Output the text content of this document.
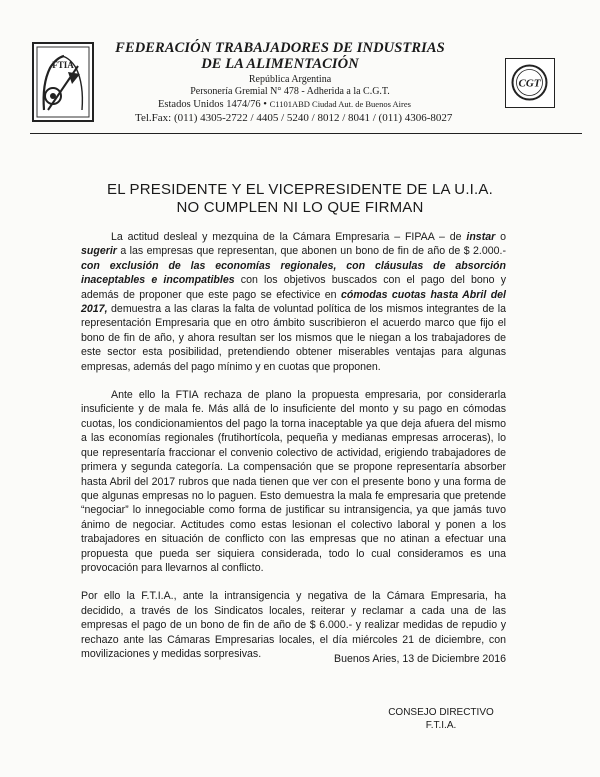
FTIA
FEDERACIÓN TRABAJADORES DE INDUSTRIAS
DE LA ALIMENTACIÓN
República Argentina
Personería Gremial N° 478 - Adherida a la C.G.T.
Estados Unidos 1474/76 • C1101ABD Ciudad Aut. de Buenos Aires
Tel.Fax: (011) 4305-2722 / 4405 / 5240 / 8012 / 8041 / (011) 4306-8027
CGT
EL PRESIDENTE Y EL VICEPRESIDENTE DE LA U.I.A.
NO CUMPLEN NI LO QUE FIRMAN

La actitud desleal y mezquina de la Cámara Empresaria – FIPAA – de instar o sugerir a las empresas que representan, que abonen un bono de fin de año de $ 2.000.- con exclusión de las economías regionales, con cláusulas de absorción inaceptables e incompatibles con los objetivos buscados con el pago del bono y además de proponer que este pago se efectivice en cómodas cuotas hasta Abril del 2017, demuestra a las claras la falta de voluntad política de los mismos integrantes de la representación Empresaria que en otro ámbito suscribieron el acuerdo marco que fijo el bono de fin de año, y ahora resultan ser los mismos que le niegan a los trabajadores de este sector esta posibilidad, pretendiendo obtener miserables ventajas para algunas empresas, además del pago mínimo y en cuotas que proponen.

Ante ello la FTIA rechaza de plano la propuesta empresaria, por considerarla insuficiente y de mala fe. Más allá de lo insuficiente del monto y su pago en cómodas cuotas, los condicionamientos del pago la torna inaceptable ya que deja afuera del mismo a las economías regionales (frutihortícola, pequeña y medianas empresas arroceras), lo que representaría fraccionar el convenio colectivo de actividad, erigiendo trabajadores de primera y segunda categoría. La compensación que se propone representaría absorber hasta Abril del 2017 rubros que nada tienen que ver con el presente bono y una forma de que algunas empresas no lo paguen. Esto demuestra la mala fe empresaria que pretende “negociar” lo innegociable como forma de justificar su intransigencia, ya que jamás tuvo ánimo de negociar. Actitudes como estas lesionan el colectivo laboral y ponen a los trabajadores en situación de conflicto con las empresas que no atinan a efectuar una propuesta que pueda ser siquiera considerada, todo lo cual consideramos es una provocación para llevarnos al conflicto.

Por ello la F.T.I.A., ante la intransigencia y negativa de la Cámara Empresaria, ha decidido, a través de los Sindicatos locales, reiterar y reclamar a cada una de las empresas el pago de un bono de fin de año de $ 6.000.- y realizar medidas de repudio y rechazo ante las Cámaras Empresarias locales, el día miércoles 21 de diciembre, con movilizaciones y medidas sorpresivas.	Buenos Aries, 13 de Diciembre 2016
CONSEJO DIRECTIVO
F.T.I.A.
